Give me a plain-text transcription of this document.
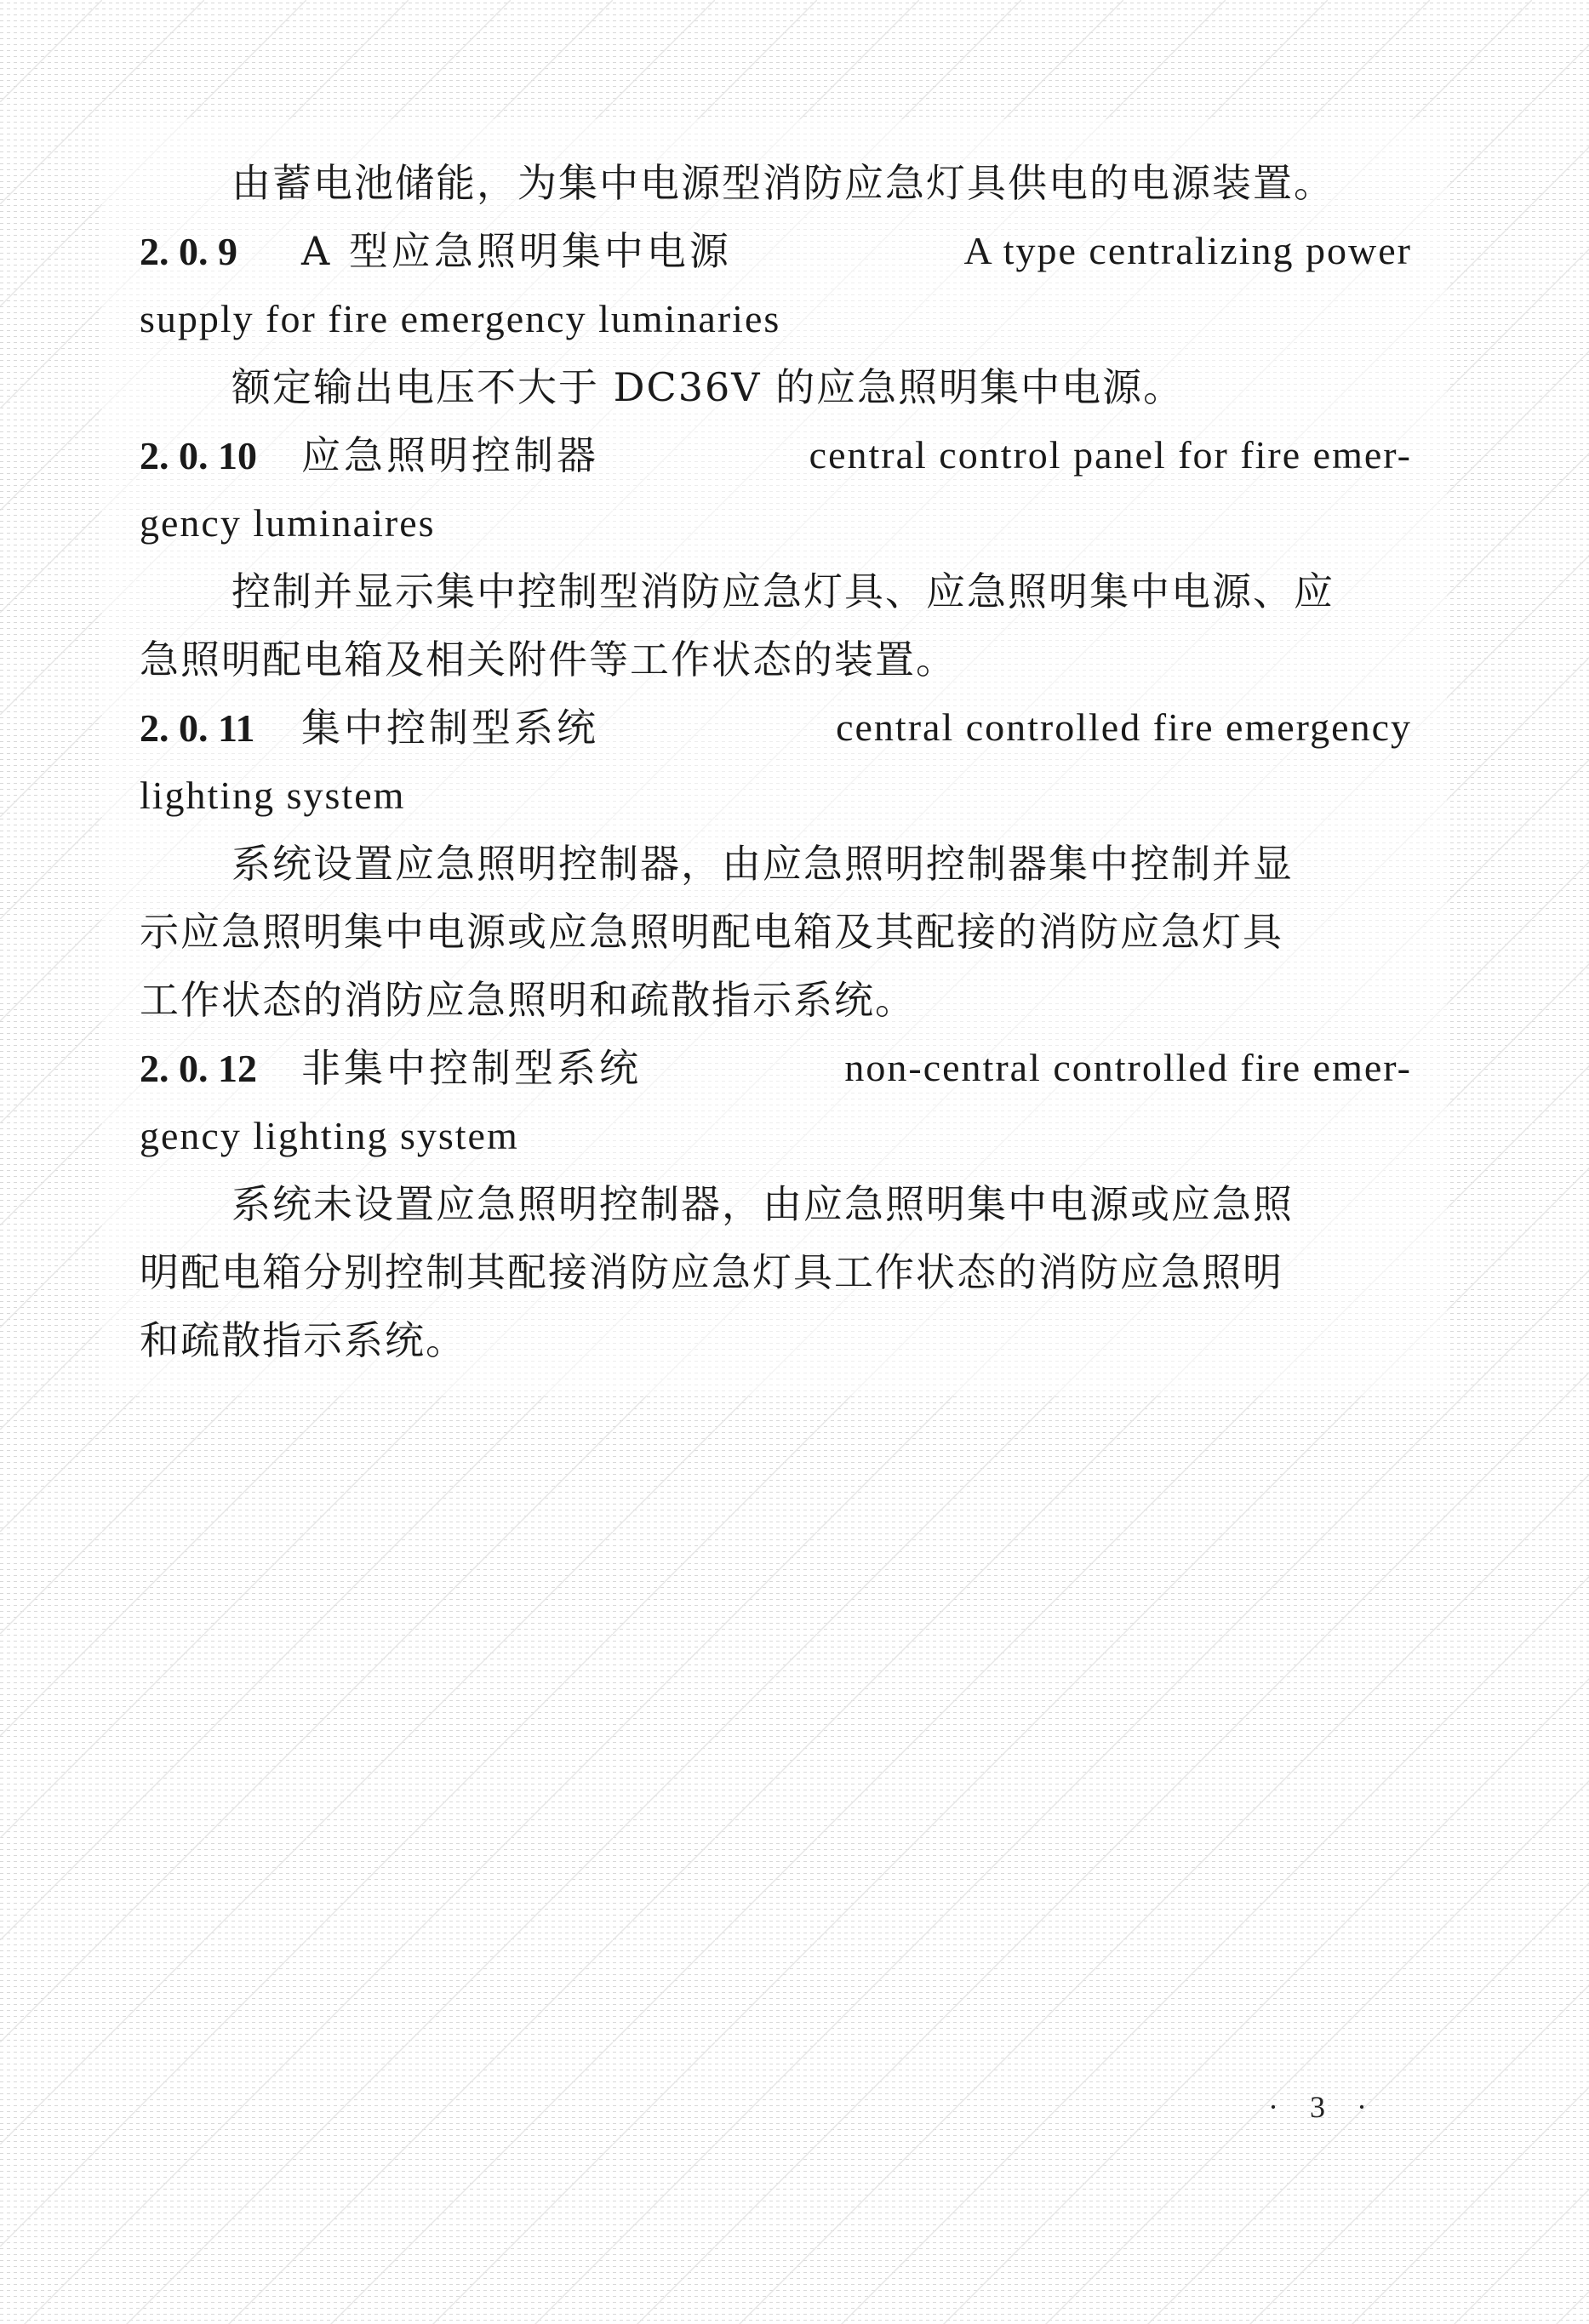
由蓄电池储能，为集中电源型消防应急灯具供电的电源装置。
2. 0. 9 A 型应急照明集中电源	A type centralizing power
supply for fire emergency luminaries
额定输出电压不大于 DC36V 的应急照明集中电源。
2. 0. 10 应急照明控制器	central control panel for fire emer-
gency luminaires
控制并显示集中控制型消防应急灯具、应急照明集中电源、应
急照明配电箱及相关附件等工作状态的装置。
2. 0. 11 集中控制型系统	central controlled fire emergency
lighting system
系统设置应急照明控制器，由应急照明控制器集中控制并显
示应急照明集中电源或应急照明配电箱及其配接的消防应急灯具
工作状态的消防应急照明和疏散指示系统。
2. 0. 12 非集中控制型系统	non-central controlled fire emer-
gency lighting system
系统未设置应急照明控制器，由应急照明集中电源或应急照
明配电箱分别控制其配接消防应急灯具工作状态的消防应急照明
和疏散指示系统。
· 3 ·
